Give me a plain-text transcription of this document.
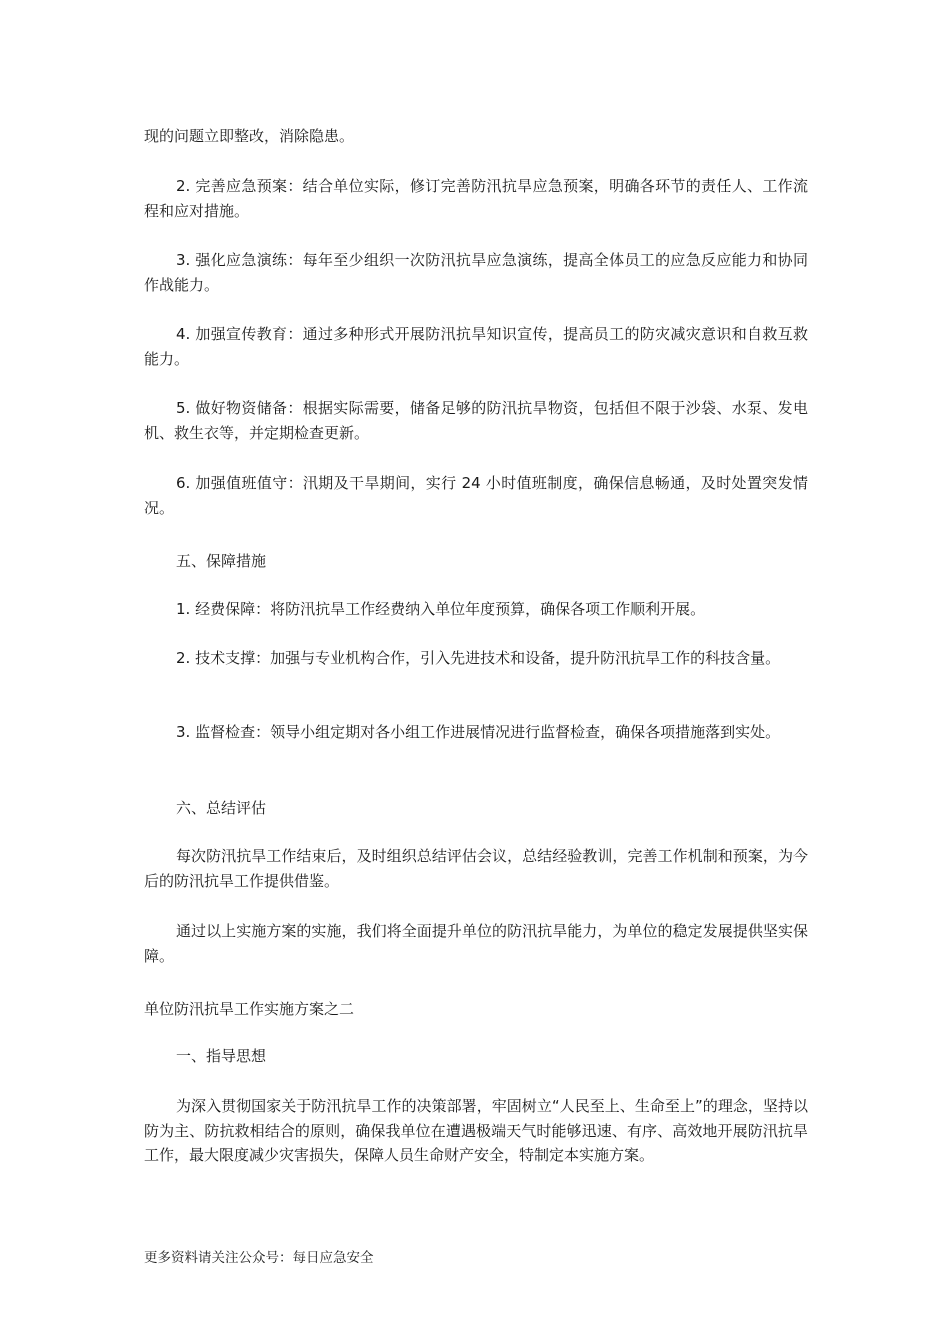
现的问题立即整改，消除隐患。

2. 完善应急预案：结合单位实际，修订完善防汛抗旱应急预案，明确各环节的责任人、工作流程和应对措施。

3. 强化应急演练：每年至少组织一次防汛抗旱应急演练，提高全体员工的应急反应能力和协同作战能力。

4. 加强宣传教育：通过多种形式开展防汛抗旱知识宣传，提高员工的防灾减灾意识和自救互救能力。

5. 做好物资储备：根据实际需要，储备足够的防汛抗旱物资，包括但不限于沙袋、水泵、发电机、救生衣等，并定期检查更新。

6. 加强值班值守：汛期及干旱期间，实行 24 小时值班制度，确保信息畅通，及时处置突发情况。

五、保障措施

1. 经费保障：将防汛抗旱工作经费纳入单位年度预算，确保各项工作顺利开展。

2. 技术支撑：加强与专业机构合作，引入先进技术和设备，提升防汛抗旱工作的科技含量。

3. 监督检查：领导小组定期对各小组工作进展情况进行监督检查，确保各项措施落到实处。

六、总结评估

每次防汛抗旱工作结束后，及时组织总结评估会议，总结经验教训，完善工作机制和预案，为今后的防汛抗旱工作提供借鉴。

通过以上实施方案的实施，我们将全面提升单位的防汛抗旱能力，为单位的稳定发展提供坚实保障。

单位防汛抗旱工作实施方案之二

一、指导思想

为深入贯彻国家关于防汛抗旱工作的决策部署，牢固树立“人民至上、生命至上”的理念，坚持以防为主、防抗救相结合的原则，确保我单位在遭遇极端天气时能够迅速、有序、高效地开展防汛抗旱工作，最大限度减少灾害损失，保障人员生命财产安全，特制定本实施方案。

更多资料请关注公众号：每日应急安全
